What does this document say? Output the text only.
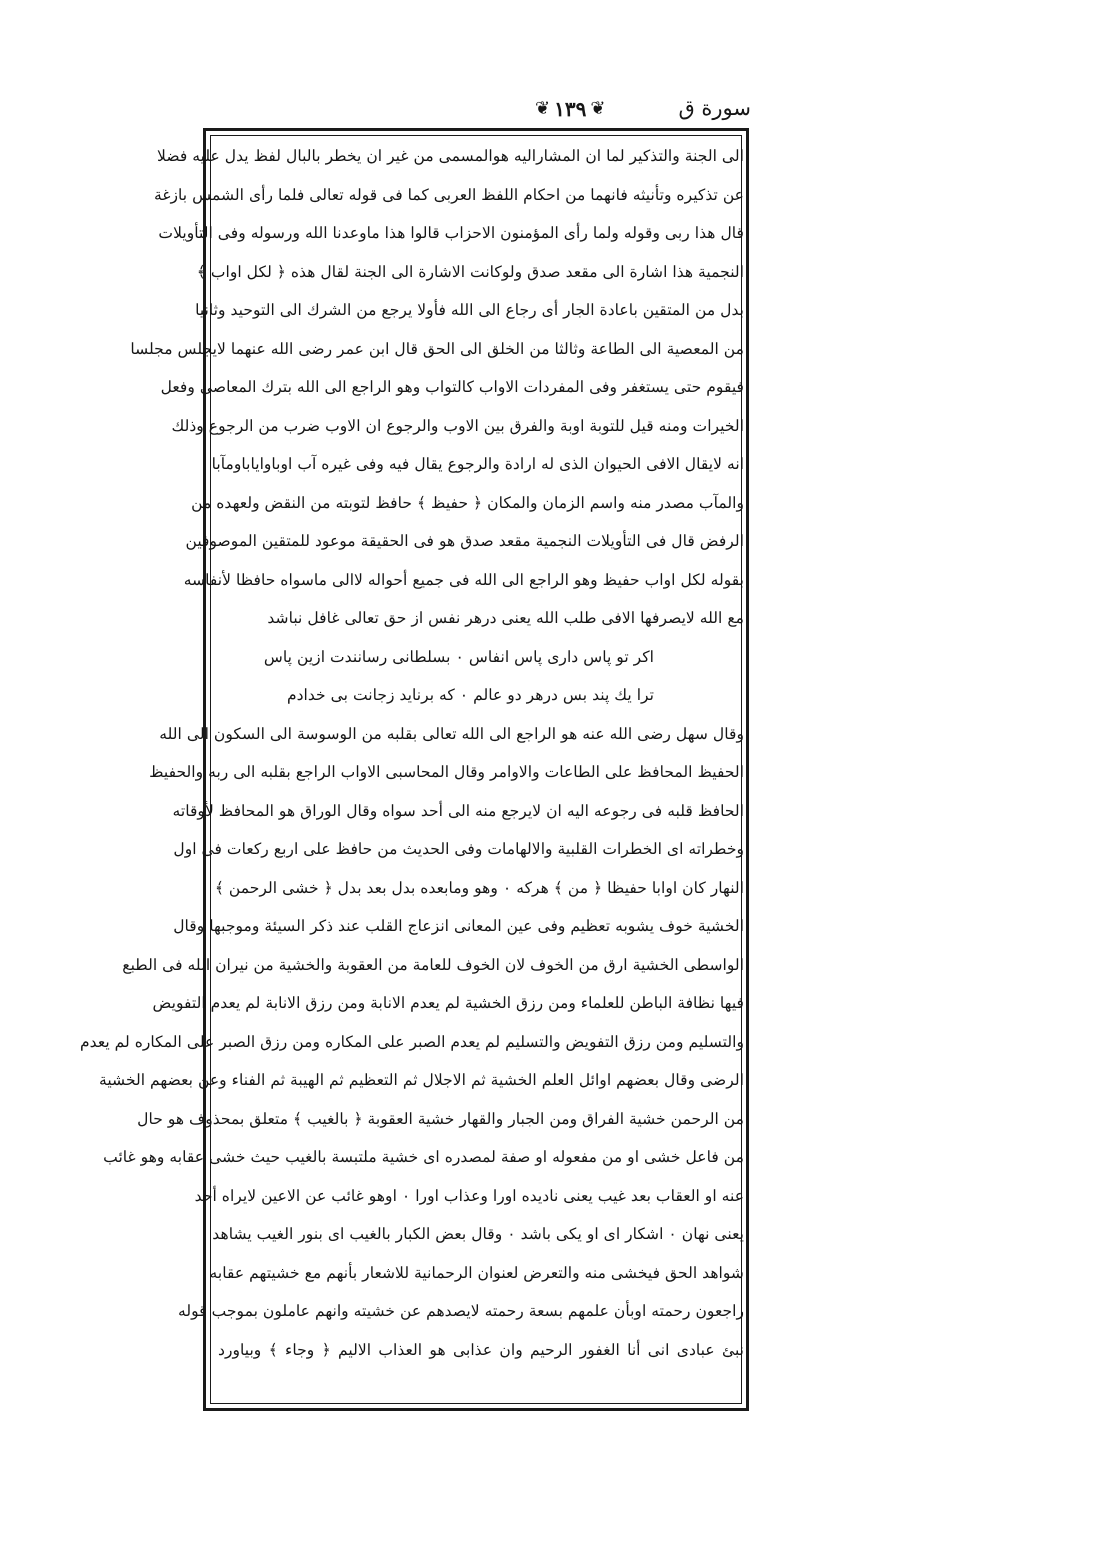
سورة ق
❦ ١٣٩ ❦
الى الجنة والتذكير لما ان المشاراليه هوالمسمى من غير ان يخطر بالبال لفظ يدل عليه فضلا
عن تذكيره وتأنيثه فانهما من احكام اللفظ العربى كما فى قوله تعالى فلما رأى الشمس بازغة
قال هذا ربى وقوله ولما رأى المؤمنون الاحزاب قالوا هذا ماوعدنا الله ورسوله وفى التأويلات
النجمية هذا اشارة الى مقعد صدق ولوكانت الاشارة الى الجنة لقال هذه ﴿ لكل اواب ﴾
بدل من المتقين باعادة الجار أى رجاع الى الله فأولا يرجع من الشرك الى التوحيد وثانيا
من المعصية الى الطاعة وثالثا من الخلق الى الحق قال ابن عمر رضى الله عنهما لايجلس مجلسا
فيقوم حتى يستغفر وفى المفردات الاواب كالتواب وهو الراجع الى الله بترك المعاصى وفعل
الخيرات ومنه قيل للتوبة اوبة والفرق بين الاوب والرجوع ان الاوب ضرب من الرجوع وذلك
انه لايقال الافى الحيوان الذى له ارادة والرجوع يقال فيه وفى غيره آب اوباواياباومآبا
والمآب مصدر منه واسم الزمان والمكان ﴿ حفيظ ﴾ حافظ لتوبته من النقض ولعهده من
الرفض قال فى التأويلات النجمية مقعد صدق هو فى الحقيقة موعود للمتقين الموصوفين
بقوله لكل اواب حفيظ وهو الراجع الى الله فى جميع أحواله لاالى ماسواه حافظا لأنفاسه
مع الله لايصرفها الافى طلب الله يعنى درهر نفس از حق تعالى غافل نباشد
اكر تو پاس دارى پاس انفاس ٠ بسلطانى رسانندت ازين پاس
ترا يك پند بس درهر دو عالم ٠ كه برنايد زجانت بى خدادم
وقال سهل رضى الله عنه هو الراجع الى الله تعالى بقلبه من الوسوسة الى السكون الى الله
الحفيظ المحافظ على الطاعات والاوامر وقال المحاسبى الاواب الراجع بقلبه الى ربه والحفيظ
الحافظ قلبه فى رجوعه اليه ان لايرجع منه الى أحد سواه وقال الوراق هو المحافظ لأوقاته
وخطراته اى الخطرات القلبية والالهامات وفى الحديث من حافظ على اربع ركعات فى اول
النهار كان اوابا حفيظا ﴿ من ﴾ هركه ٠ وهو ومابعده بدل بعد بدل ﴿ خشى الرحمن ﴾
الخشية خوف يشوبه تعظيم وفى عين المعانى انزعاج القلب عند ذكر السيئة وموجبها وقال
الواسطى الخشية ارق من الخوف لان الخوف للعامة من العقوبة والخشية من نيران الله فى الطبع
فيها نظافة الباطن للعلماء ومن رزق الخشية لم يعدم الانابة ومن رزق الانابة لم يعدم التفويض
والتسليم ومن رزق التفويض والتسليم لم يعدم الصبر على المكاره ومن رزق الصبر على المكاره لم يعدم
الرضى وقال بعضهم اوائل العلم الخشية ثم الاجلال ثم التعظيم ثم الهيبة ثم الفناء وعن بعضهم الخشية
من الرحمن خشية الفراق ومن الجبار والقهار خشية العقوبة ﴿ بالغيب ﴾ متعلق بمحذوف هو حال
من فاعل خشى او من مفعوله او صفة لمصدره اى خشية ملتبسة بالغيب حيث خشى عقابه وهو غائب
عنه او العقاب بعد غيب يعنى ناديده اورا وعذاب اورا ٠ اوهو غائب عن الاعين لايراه أحد
يعنى نهان ٠ اشكار اى او يكى باشد ٠ وقال بعض الكبار بالغيب اى بنور الغيب يشاهد
شواهد الحق فيخشى منه والتعرض لعنوان الرحمانية للاشعار بأنهم مع خشيتهم عقابه
راجعون رحمته اوبأن علمهم بسعة رحمته لايصدهم عن خشيته وانهم عاملون بموجب قوله
نبئ عبادى انى أنا الغفور الرحيم وان عذابى هو العذاب الاليم ﴿ وجاء ﴾ وبياورد
